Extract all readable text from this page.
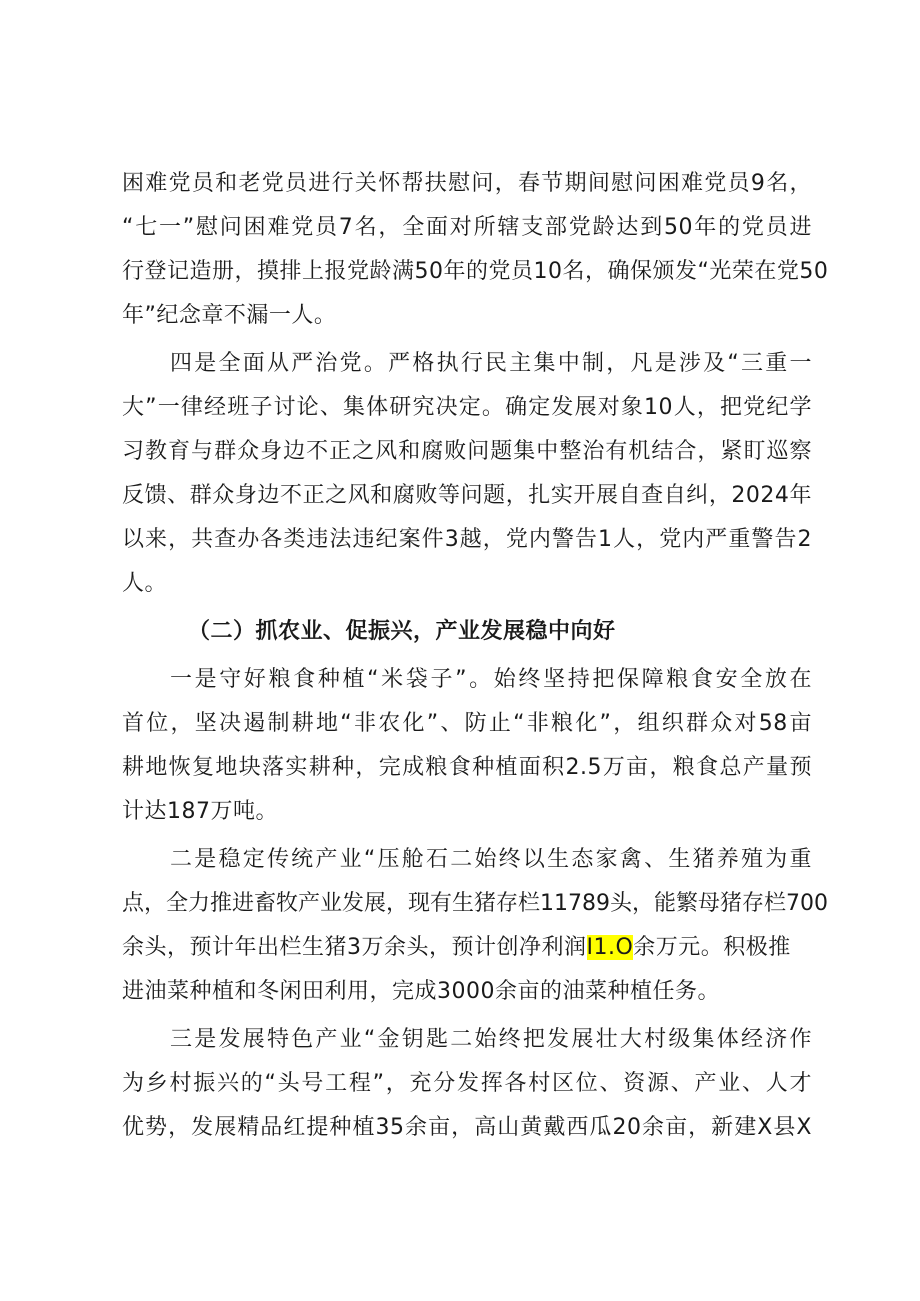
困难党员和老党员进行关怀帮扶慰问，春节期间慰问困难党员9名，
“七一”慰问困难党员7名，全面对所辖支部党龄达到50年的党员进
行登记造册，摸排上报党龄满50年的党员10名，确保颁发“光荣在党50
年”纪念章不漏一人。
四是全面从严治党。严格执行民主集中制，凡是涉及“三重一
大”一律经班子讨论、集体研究决定。确定发展对象10人，把党纪学
习教育与群众身边不正之风和腐败问题集中整治有机结合，紧盯巡察
反馈、群众身边不正之风和腐败等问题，扎实开展自查自纠，2024年
以来，共查办各类违法违纪案件3越，党内警告1人，党内严重警告2
人。
（二）抓农业、促振兴，产业发展稳中向好
一是守好粮食种植“米袋子”。始终坚持把保障粮食安全放在
首位，坚决遏制耕地“非农化”、防止“非粮化”，组织群众对58亩
耕地恢复地块落实耕种，完成粮食种植面积2.5万亩，粮食总产量预
计达187万吨。
二是稳定传统产业“压舱石二始终以生态家禽、生猪养殖为重
点，全力推进畜牧产业发展，现有生猪存栏11789头，能繁母猪存栏700
余头，预计年出栏生猪3万余头，预计创净利润I1.O余万元。积极推
进油菜种植和冬闲田利用，完成3000余亩的油菜种植任务。
三是发展特色产业“金钥匙二始终把发展壮大村级集体经济作
为乡村振兴的“头号工程”，充分发挥各村区位、资源、产业、人才
优势，发展精品红提种植35余亩，高山黄戴西瓜20余亩，新建X县X
